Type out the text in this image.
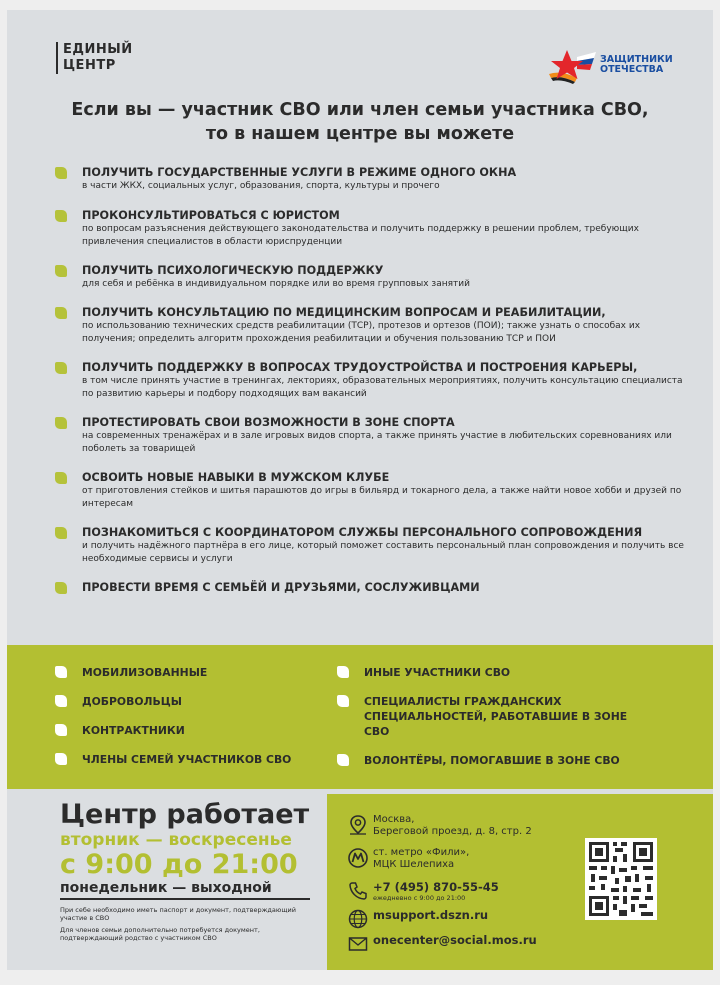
ЕДИНЫЙ
ЦЕНТР	ЗАЩИТНИКИ
ОТЕЧЕСТВА
Если вы — участник СВО или член семьи участника СВО,
то в нашем центре вы можете
ПОЛУЧИТЬ ГОСУДАРСТВЕННЫЕ УСЛУГИ В РЕЖИМЕ ОДНОГО ОКНА
в части ЖКХ, социальных услуг, образования, спорта, культуры и прочего
ПРОКОНСУЛЬТИРОВАТЬСЯ С ЮРИСТОМ
по вопросам разъяснения действующего законодательства и получить поддержку в решении проблем, требующих привлечения специалистов в области юриспруденции
ПОЛУЧИТЬ ПСИХОЛОГИЧЕСКУЮ ПОДДЕРЖКУ
для себя и ребёнка в индивидуальном порядке или во время групповых занятий
ПОЛУЧИТЬ КОНСУЛЬТАЦИЮ ПО МЕДИЦИНСКИМ ВОПРОСАМ И РЕАБИЛИТАЦИИ,
по использованию технических средств реабилитации (ТСР), протезов и ортезов (ПОИ); также узнать о способах их получения; определить алгоритм прохождения реабилитации и обучения пользованию ТСР и ПОИ
ПОЛУЧИТЬ ПОДДЕРЖКУ В ВОПРОСАХ ТРУДОУСТРОЙСТВА И ПОСТРОЕНИЯ КАРЬЕРЫ,
в том числе принять участие в тренингах, лекториях, образовательных мероприятиях, получить консультацию специалиста по развитию карьеры и подбору подходящих вам вакансий
ПРОТЕСТИРОВАТЬ СВОИ ВОЗМОЖНОСТИ В ЗОНЕ СПОРТА
на современных тренажёрах и в зале игровых видов спорта, а также принять участие в любительских соревнованиях или поболеть за товарищей
ОСВОИТЬ НОВЫЕ НАВЫКИ В МУЖСКОМ КЛУБЕ
от приготовления стейков и шитья парашютов до игры в бильярд и токарного дела, а также найти новое хобби и друзей по интересам
ПОЗНАКОМИТЬСЯ С КООРДИНАТОРОМ СЛУЖБЫ ПЕРСОНАЛЬНОГО СОПРОВОЖДЕНИЯ
и получить надёжного партнёра в его лице, который поможет составить персональный план сопровождения и получить все необходимые сервисы и услуги
ПРОВЕСТИ ВРЕМЯ С СЕМЬЁЙ И ДРУЗЬЯМИ, СОСЛУЖИВЦАМИ
МОБИЛИЗОВАННЫЕ
ДОБРОВОЛЬЦЫ
КОНТРАКТНИКИ
ЧЛЕНЫ СЕМЕЙ УЧАСТНИКОВ СВО
ИНЫЕ УЧАСТНИКИ СВО
СПЕЦИАЛИСТЫ ГРАЖДАНСКИХ СПЕЦИАЛЬНОСТЕЙ, РАБОТАВШИЕ В ЗОНЕ СВО
ВОЛОНТЁРЫ, ПОМОГАВШИЕ В ЗОНЕ СВО
Центр работает
вторник — воскресенье
с 9:00 до 21:00
понедельник — выходной
При себе необходимо иметь паспорт и документ, подтверждающий участие в СВО
Для членов семьи дополнительно потребуется документ, подтверждающий родство с участником СВО
Москва,
Береговой проезд, д. 8, стр. 2
ст. метро «Фили»,
МЦК Шелепиха
+7 (495) 870-55-45
ежедневно с 9:00 до 21:00
msupport.dszn.ru
onecenter@social.mos.ru
